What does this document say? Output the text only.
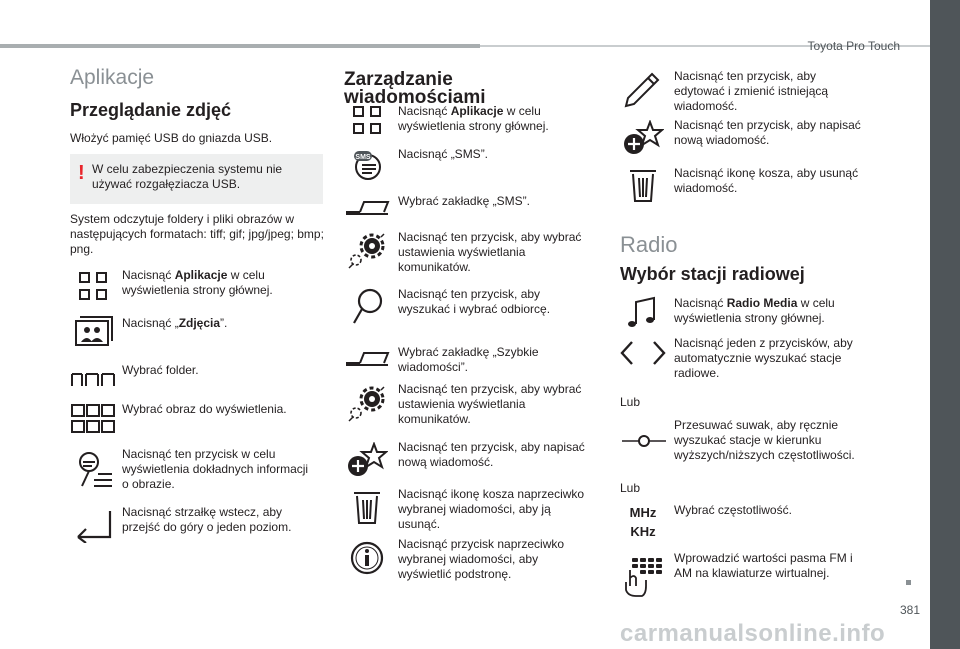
Toyota Pro Touch
Aplikacje
Przeglądanie zdjęć
Włożyć pamięć USB do gniazda USB.
! W celu zabezpieczenia systemu nie używać rozgałęziacza USB.
System odczytuje foldery i pliki obrazów w następujących formatach: tiff; gif; jpg/jpeg; bmp; png.
Nacisnąć Aplikacje w celu wyświetlenia strony głównej.
Nacisnąć „Zdjęcia”.
Wybrać folder.
Wybrać obraz do wyświetlenia.
Nacisnąć ten przycisk w celu wyświetlenia dokładnych informacji o obrazie.
Nacisnąć strzałkę wstecz, aby przejść do góry o jeden poziom.
Zarządzanie wiadomościami
Nacisnąć Aplikacje w celu wyświetlenia strony głównej.
SMS Nacisnąć „SMS”.
Wybrać zakładkę „SMS”.
Nacisnąć ten przycisk, aby wybrać ustawienia wyświetlania komunikatów.
Nacisnąć ten przycisk, aby wyszukać i wybrać odbiorcę.
Wybrać zakładkę „Szybkie wiadomości”.
Nacisnąć ten przycisk, aby wybrać ustawienia wyświetlania komunikatów.
Nacisnąć ten przycisk, aby napisać nową wiadomość.
Nacisnąć ikonę kosza naprzeciwko wybranej wiadomości, aby ją usunąć.
Nacisnąć przycisk naprzeciwko wybranej wiadomości, aby wyświetlić podstronę.
Nacisnąć ten przycisk, aby edytować i zmienić istniejącą wiadomość.
Nacisnąć ten przycisk, aby napisać nową wiadomość.
Nacisnąć ikonę kosza, aby usunąć wiadomość.
Radio
Wybór stacji radiowej
Nacisnąć Radio Media w celu wyświetlenia strony głównej.
Nacisnąć jeden z przycisków, aby automatycznie wyszukać stacje radiowe.
Lub
Przesuwać suwak, aby ręcznie wyszukać stacje w kierunku wyższych/niższych częstotliwości.
Lub
MHz
KHz
Wybrać częstotliwość.
Wprowadzić wartości pasma FM i AM na klawiaturze wirtualnej.
381
carmanualsonline.info
